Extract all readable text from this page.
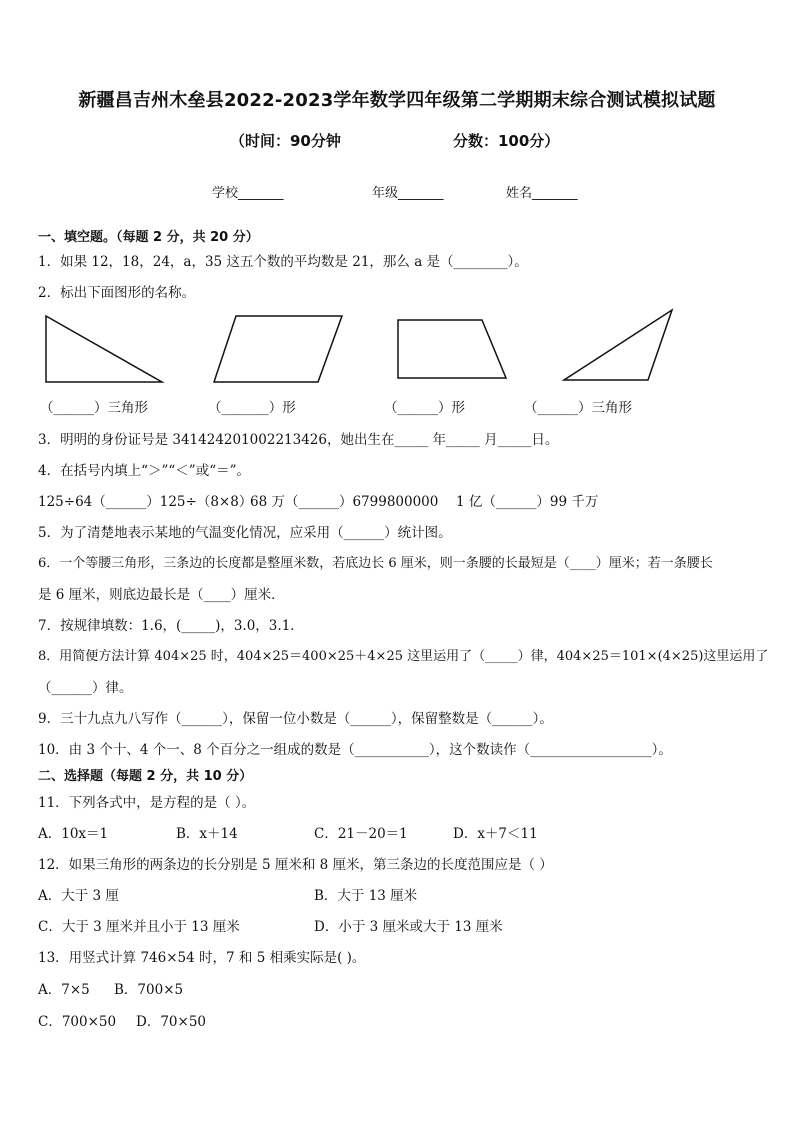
新疆昌吉州木垒县2022-2023学年数学四年级第二学期期末综合测试模拟试题
（时间：90分钟	分数：100分）
学校_______	年级_______	姓名_______
一、填空题。（每题 2 分，共 20 分）
1．如果 12，18，24，a，35 这五个数的平均数是 21，那么 a 是（________）。
2．标出下面图形的名称。
（______）三角形	（_______）形	（______）形	（______）三角形
3．明明的身份证号是 341424201002213426，她出生在_____ 年_____ 月_____日。
4．在括号内填上“＞”“＜”或“＝”。
125÷64（______）125÷（8×8）
68 万（______）6799800000 1 亿（______）99 千万
5．为了清楚地表示某地的气温变化情况，应采用（______）统计图。
6．一个等腰三角形，三条边的长度都是整厘米数，若底边长 6 厘米，则一条腰的长最短是（____）厘米；若一条腰长
是 6 厘米，则底边最长是（____）厘米．
7．按规律填数：1.6，(_____)，3.0，3.1．
8．用简便方法计算 404×25 时，404×25＝400×25＋4×25 这里运用了（_____）律，404×25＝101×(4×25)这里运用了
（______）律。
9．三十九点九八写作（______），保留一位小数是（______），保留整数是（______）。
10．由 3 个十、4 个一、8 个百分之一组成的数是（___________），这个数读作（__________________）。
二、选择题（每题 2 分，共 10 分）
11．下列各式中，是方程的是（ ）。
A．10x＝1	B．x＋14	C．21－20＝1	D．x＋7＜11
12．如果三角形的两条边的长分别是 5 厘米和 8 厘米，第三条边的长度范围应是（ ）
A．大于 3 厘	B．大于 13 厘米
C．大于 3 厘米并且小于 13 厘米	D．小于 3 厘米或大于 13 厘米
13．用竖式计算 746×54 时，7 和 5 相乘实际是( )。
A．7×5 B．700×5
C．700×50 D．70×50
